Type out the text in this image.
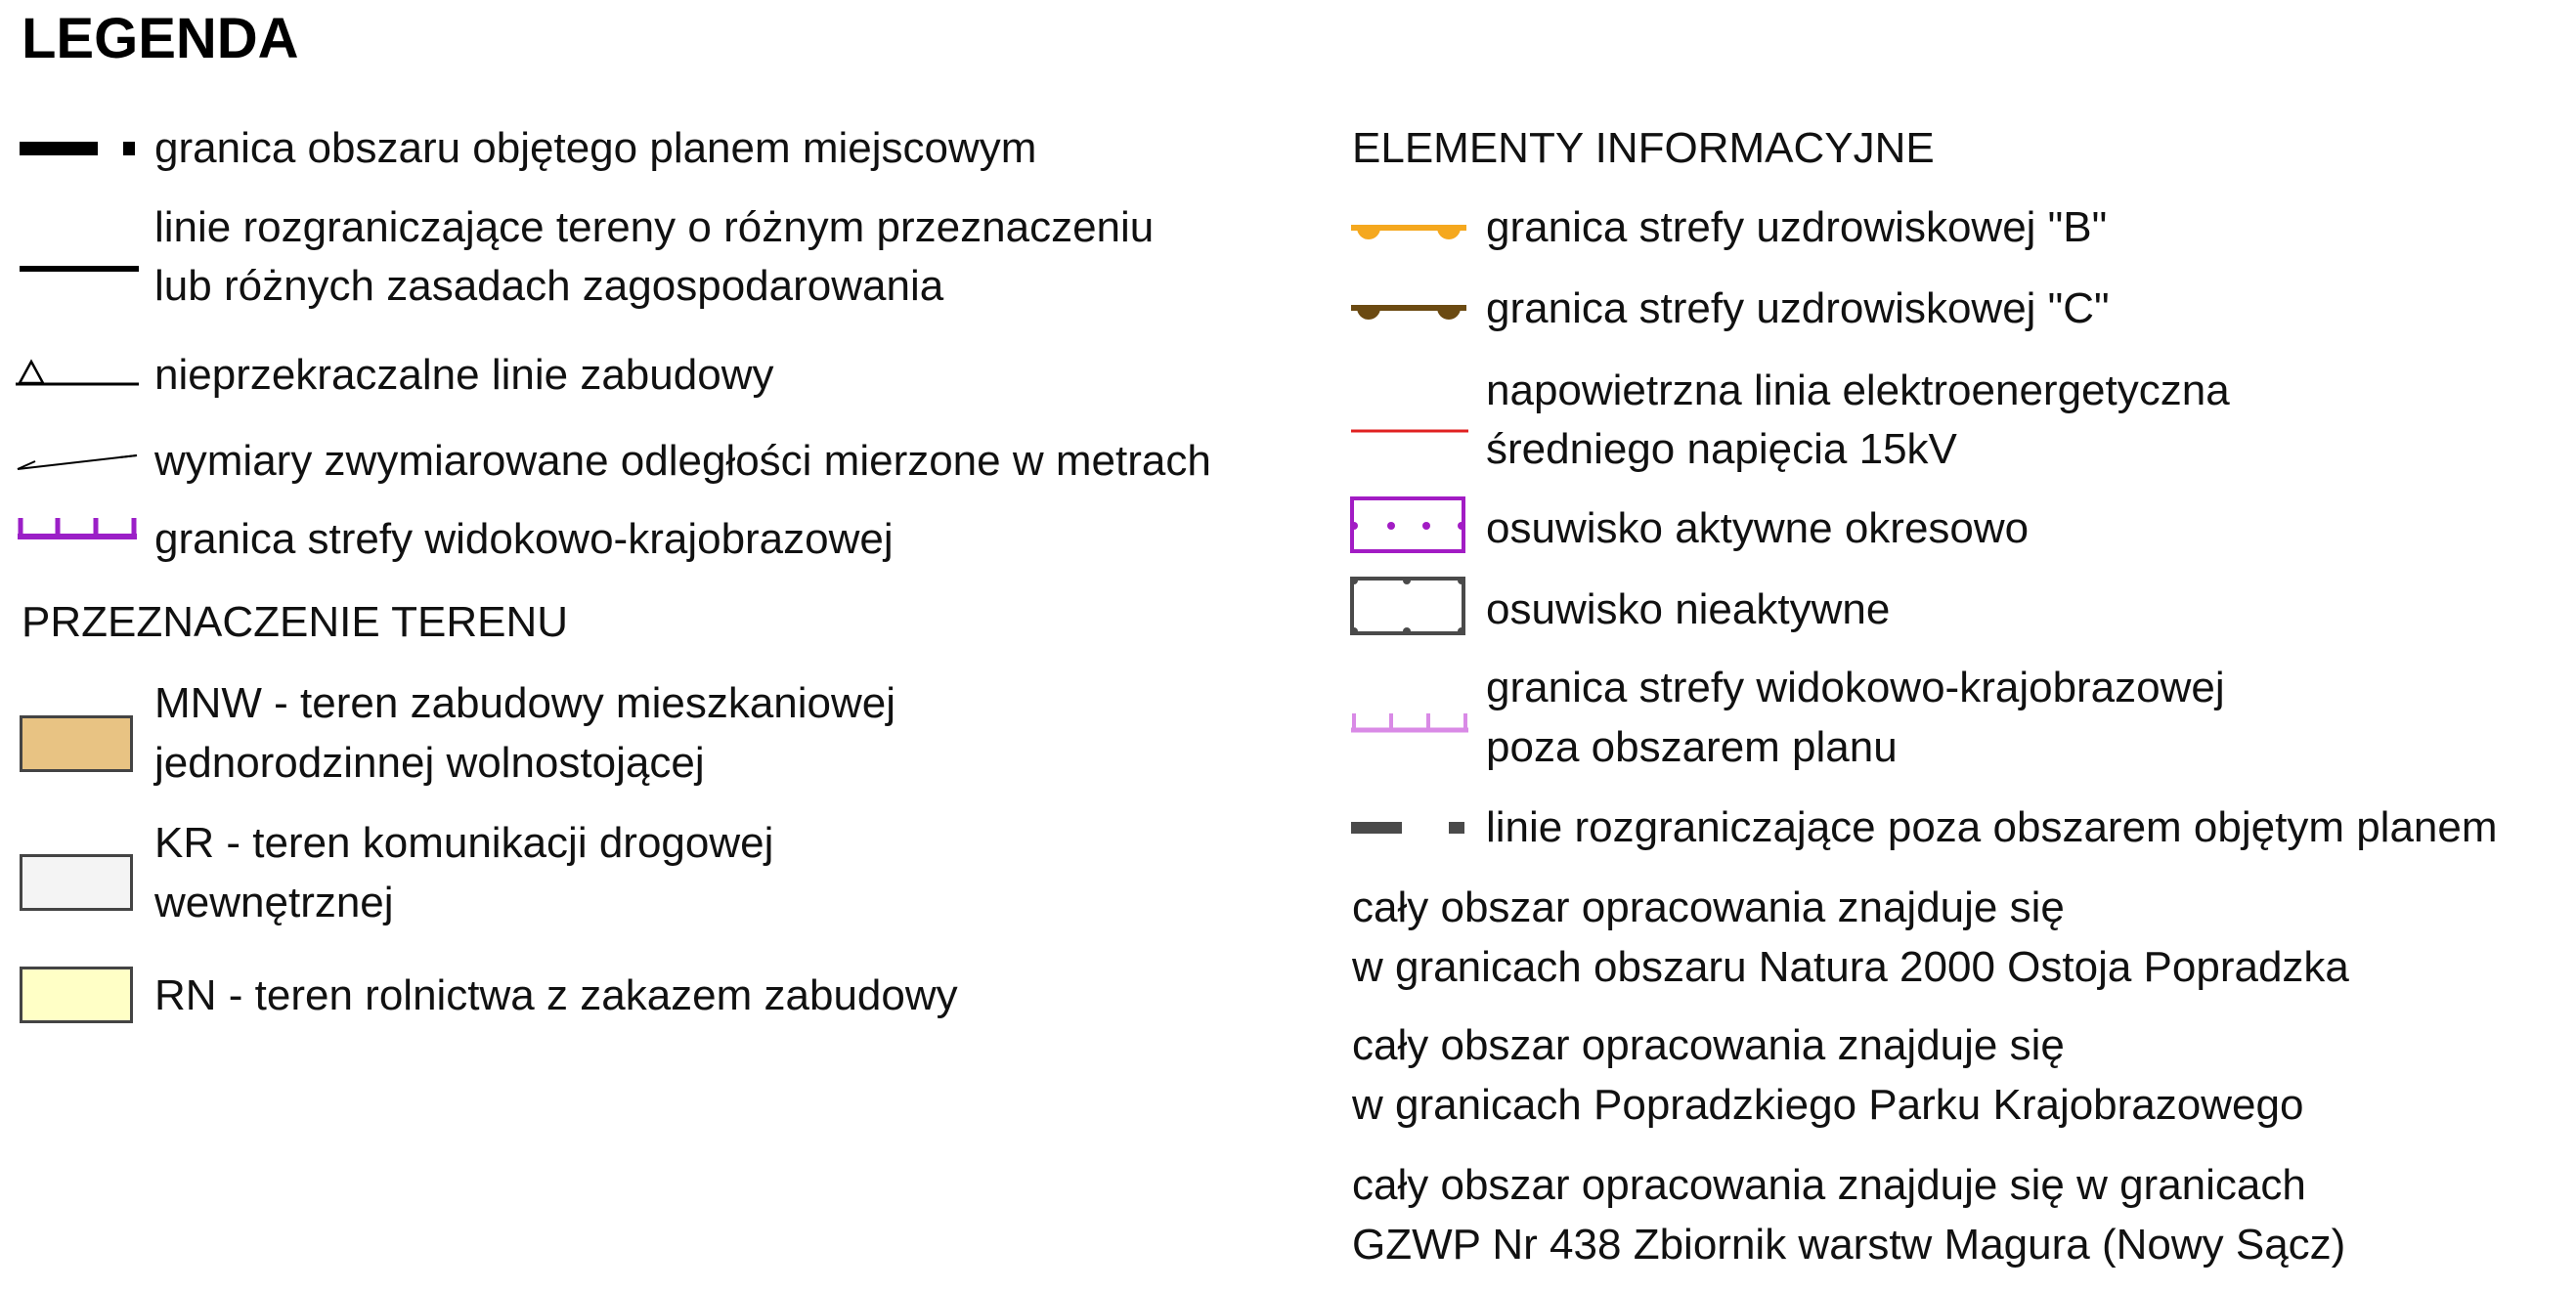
LEGENDA
granica obszaru objętego planem miejscowym
linie rozgraniczające tereny o różnym przeznaczeniu
lub różnych zasadach zagospodarowania
nieprzekraczalne linie zabudowy
wymiary zwymiarowane odległości mierzone w metrach
granica strefy widokowo-krajobrazowej
PRZEZNACZENIE TERENU
MNW - teren zabudowy mieszkaniowej
jednorodzinnej wolnostojącej
KR - teren komunikacji drogowej
wewnętrznej
RN - teren rolnictwa z zakazem zabudowy
ELEMENTY INFORMACYJNE
granica strefy uzdrowiskowej "B"
granica strefy uzdrowiskowej "C"
napowietrzna linia elektroenergetyczna
średniego napięcia 15kV
osuwisko aktywne okresowo
osuwisko nieaktywne
granica strefy widokowo-krajobrazowej
poza obszarem planu
linie rozgraniczające poza obszarem objętym planem
cały obszar opracowania znajduje się
w granicach obszaru Natura 2000 Ostoja Popradzka
cały obszar opracowania znajduje się
w granicach Popradzkiego Parku Krajobrazowego
cały obszar opracowania znajduje się w granicach
GZWP Nr 438 Zbiornik warstw Magura (Nowy Sącz)
